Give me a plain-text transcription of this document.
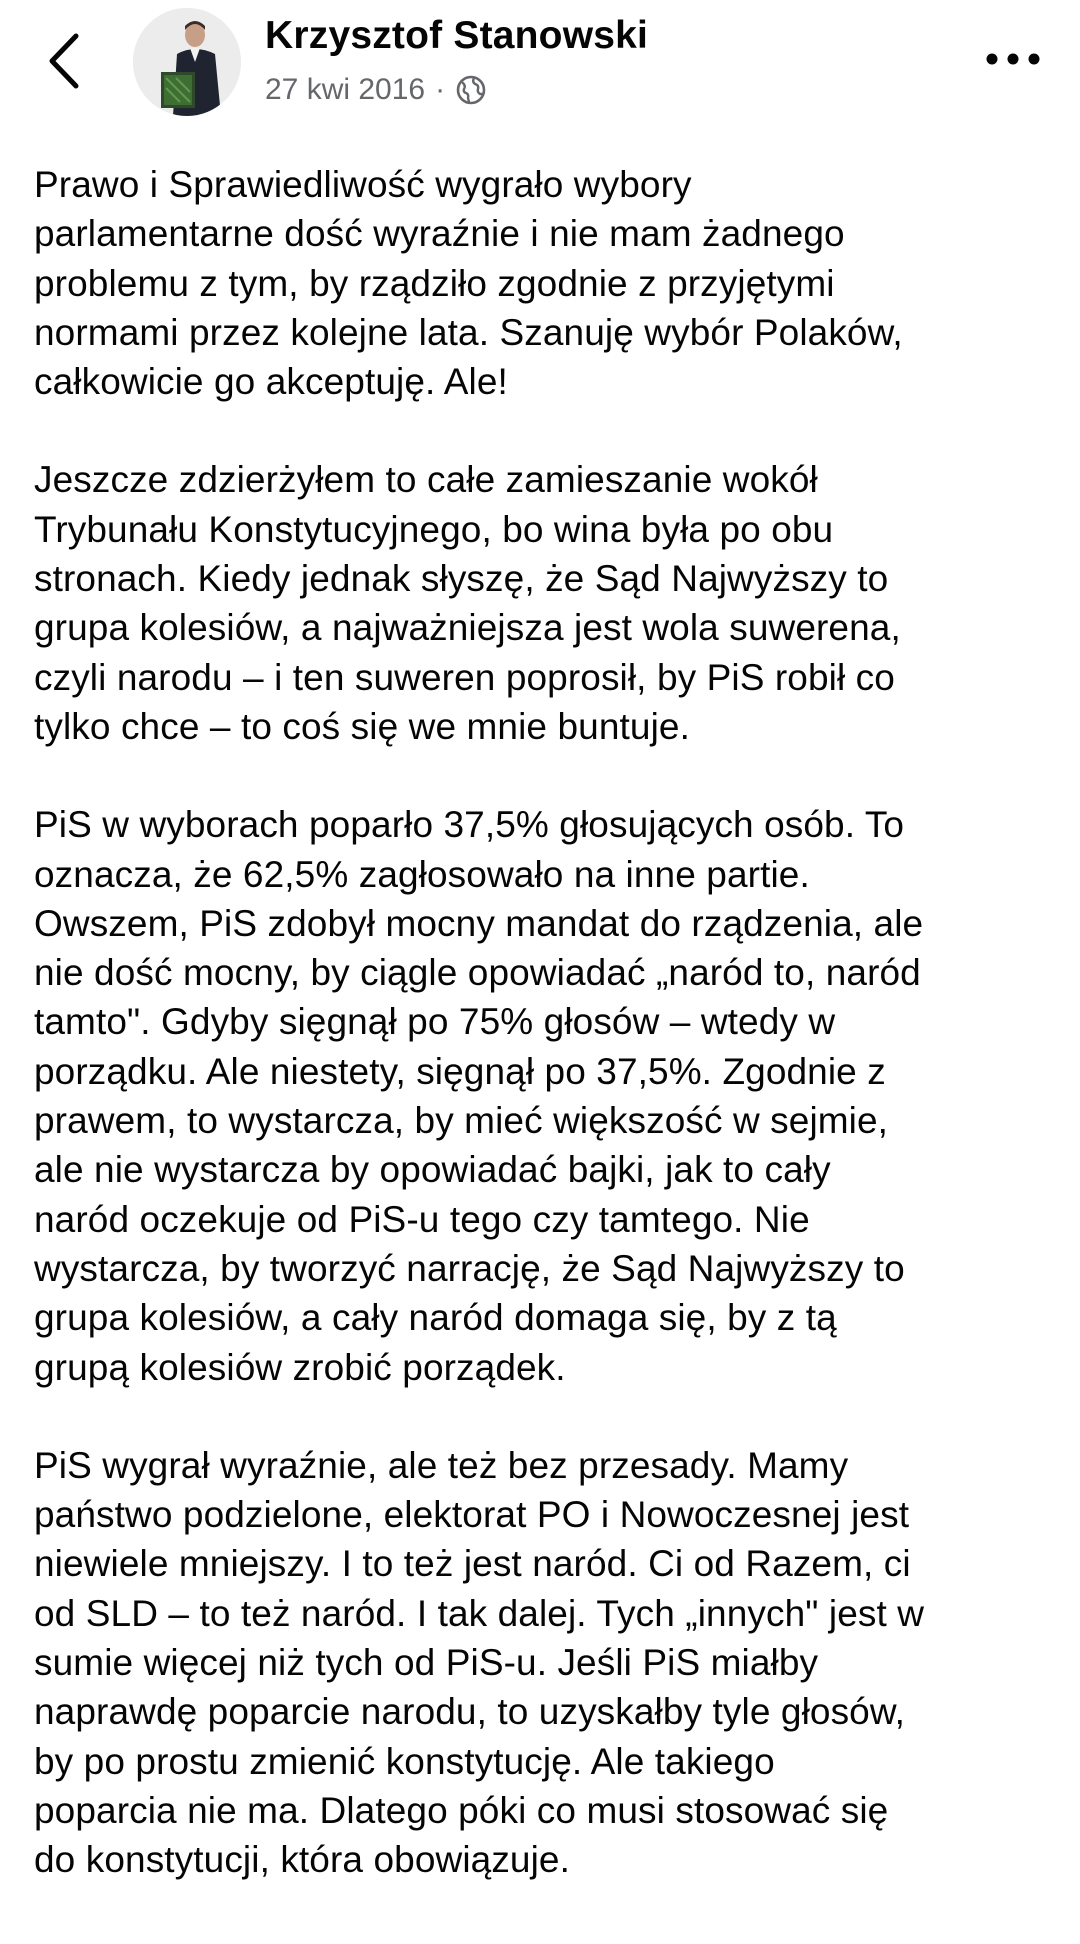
Krzysztof Stanowski
27 kwi 2016 ·

Prawo i Sprawiedliwość wygrało wybory
parlamentarne dość wyraźnie i nie mam żadnego
problemu z tym, by rządziło zgodnie z przyjętymi
normami przez kolejne lata. Szanuję wybór Polaków,
całkowicie go akceptuję. Ale!

Jeszcze zdzierżyłem to całe zamieszanie wokół
Trybunału Konstytucyjnego, bo wina była po obu
stronach. Kiedy jednak słyszę, że Sąd Najwyższy to
grupa kolesiów, a najważniejsza jest wola suwerena,
czyli narodu – i ten suweren poprosił, by PiS robił co
tylko chce – to coś się we mnie buntuje.

PiS w wyborach poparło 37,5% głosujących osób. To
oznacza, że 62,5% zagłosowało na inne partie.
Owszem, PiS zdobył mocny mandat do rządzenia, ale
nie dość mocny, by ciągle opowiadać „naród to, naród
tamto". Gdyby sięgnął po 75% głosów – wtedy w
porządku. Ale niestety, sięgnął po 37,5%. Zgodnie z
prawem, to wystarcza, by mieć większość w sejmie,
ale nie wystarcza by opowiadać bajki, jak to cały
naród oczekuje od PiS-u tego czy tamtego. Nie
wystarcza, by tworzyć narrację, że Sąd Najwyższy to
grupa kolesiów, a cały naród domaga się, by z tą
grupą kolesiów zrobić porządek.

PiS wygrał wyraźnie, ale też bez przesady. Mamy
państwo podzielone, elektorat PO i Nowoczesnej jest
niewiele mniejszy. I to też jest naród. Ci od Razem, ci
od SLD – to też naród. I tak dalej. Tych „innych" jest w
sumie więcej niż tych od PiS-u. Jeśli PiS miałby
naprawdę poparcie narodu, to uzyskałby tyle głosów,
by po prostu zmienić konstytucję. Ale takiego
poparcia nie ma. Dlatego póki co musi stosować się
do konstytucji, która obowiązuje.
